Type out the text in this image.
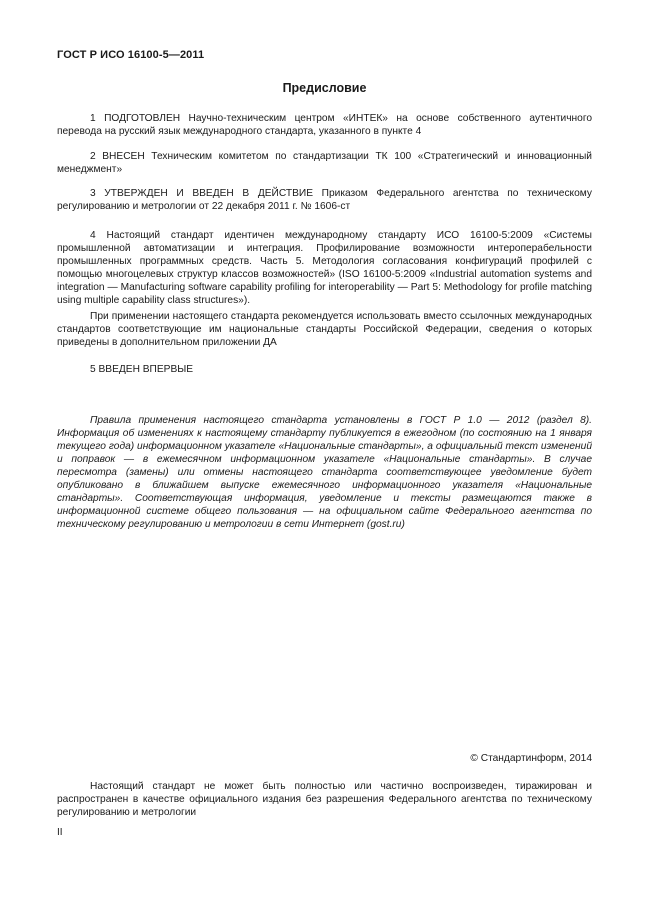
ГОСТ Р ИСО 16100-5—2011
Предисловие

1 ПОДГОТОВЛЕН Научно-техническим центром «ИНТЕК» на основе собственного аутентичного перевода на русский язык международного стандарта, указанного в пункте 4

2 ВНЕСЕН Техническим комитетом по стандартизации ТК 100 «Стратегический и инновационный менеджмент»

3 УТВЕРЖДЕН И ВВЕДЕН В ДЕЙСТВИЕ Приказом Федерального агентства по техническому регулированию и метрологии от 22 декабря 2011 г. № 1606-ст

4 Настоящий стандарт идентичен международному стандарту ИСО 16100-5:2009 «Системы промышленной автоматизации и интеграция. Профилирование возможности интероперабельности промышленных программных средств. Часть 5. Методология согласования конфигураций профилей с помощью многоцелевых структур классов возможностей» (ISO 16100-5:2009 «Industrial automation systems and integration — Manufacturing software capability profiling for interoperability — Part 5: Methodology for profile matching using multiple capability class structures»).

При применении настоящего стандарта рекомендуется использовать вместо ссылочных международных стандартов соответствующие им национальные стандарты Российской Федерации, сведения о которых приведены в дополнительном приложении ДА

5 ВВЕДЕН ВПЕРВЫЕ

Правила применения настоящего стандарта установлены в ГОСТ Р 1.0 — 2012 (раздел 8). Информация об изменениях к настоящему стандарту публикуется в ежегодном (по состоянию на 1 января текущего года) информационном указателе «Национальные стандарты», а официальный текст изменений и поправок — в ежемесячном информационном указателе «Национальные стандарты». В случае пересмотра (замены) или отмены настоящего стандарта соответствующее уведомление будет опубликовано в ближайшем выпуске ежемесячного информационного указателя «Национальные стандарты». Соответствующая информация, уведомление и тексты размещаются также в информационной системе общего пользования — на официальном сайте Федерального агентства по техническому регулированию и метрологии в сети Интернет (gost.ru)

© Стандартинформ, 2014

Настоящий стандарт не может быть полностью или частично воспроизведен, тиражирован и распространен в качестве официального издания без разрешения Федерального агентства по техническому регулированию и метрологии

II
